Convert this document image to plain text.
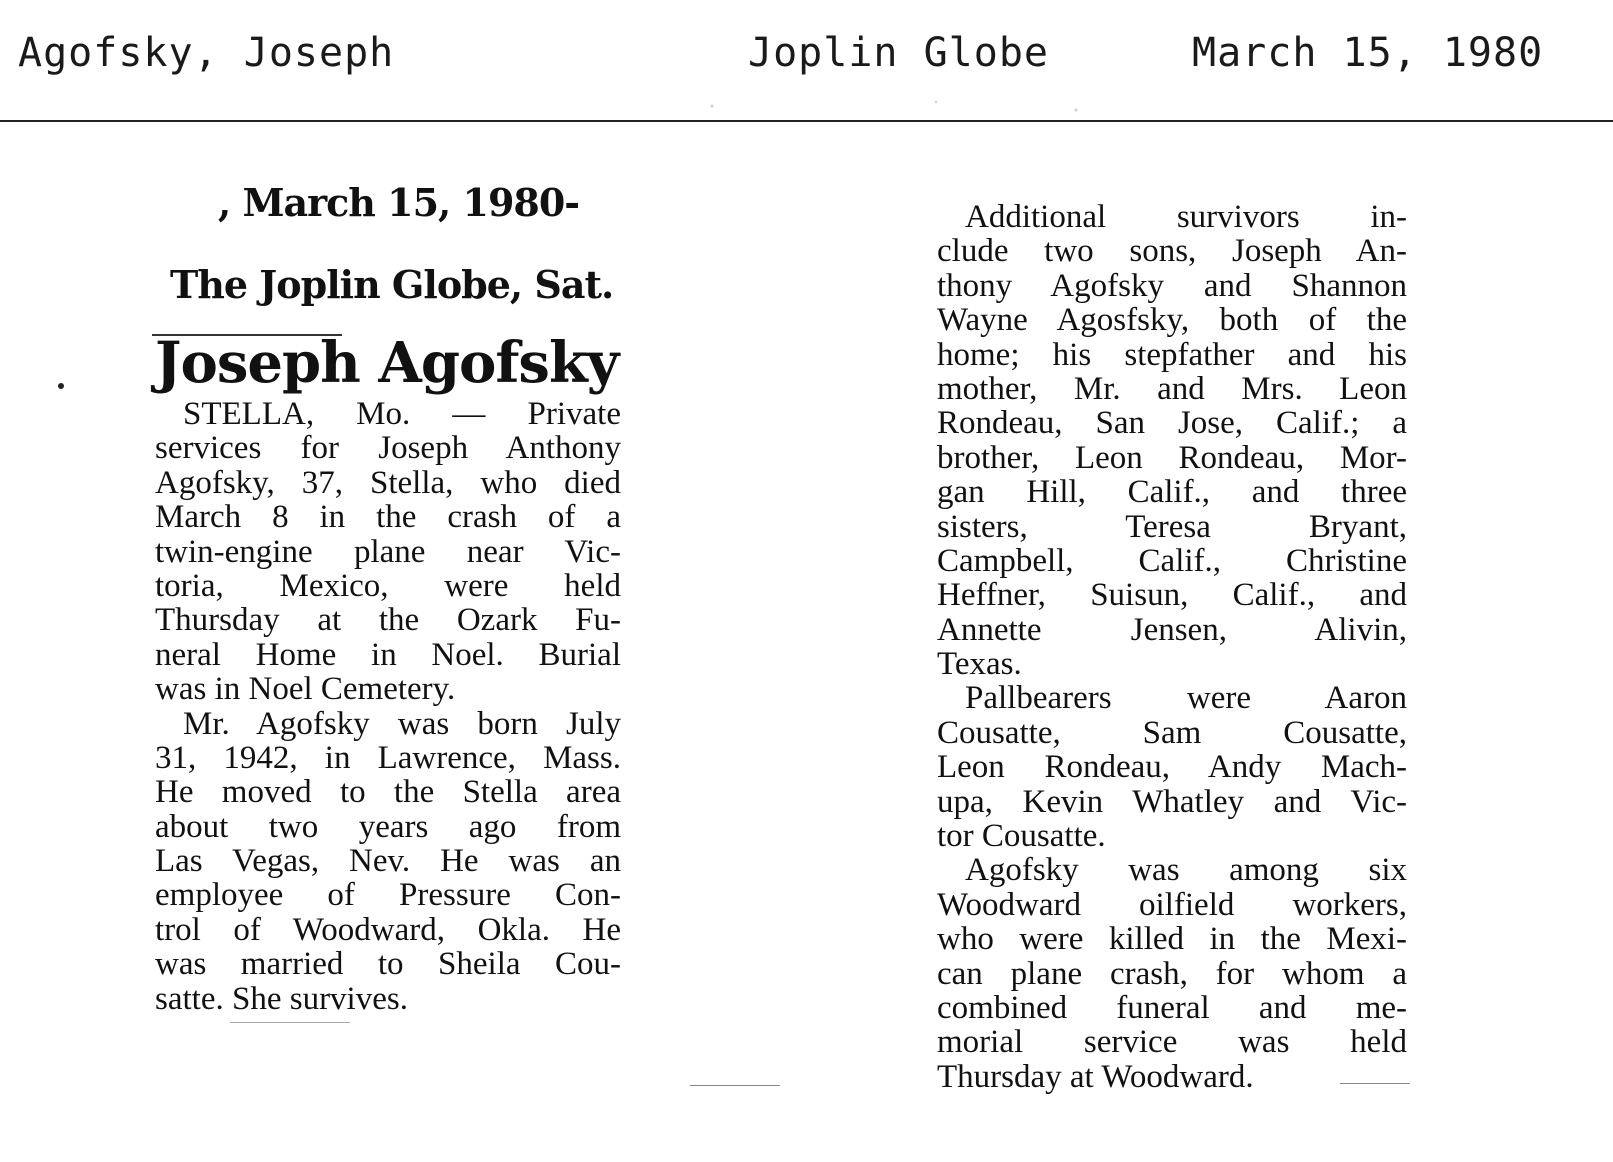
Agofsky, Joseph	Joplin Globe	March 15, 1980
, March 15, 1980-
The Joplin Globe, Sat.
Joseph Agofsky
STELLA, Mo. — Private
services for Joseph Anthony
Agofsky, 37, Stella, who died
March 8 in the crash of a
twin-engine plane near Vic-
toria, Mexico, were held
Thursday at the Ozark Fu-
neral Home in Noel. Burial
was in Noel Cemetery.
Mr. Agofsky was born July
31, 1942, in Lawrence, Mass.
He moved to the Stella area
about two years ago from
Las Vegas, Nev. He was an
employee of Pressure Con-
trol of Woodward, Okla. He
was married to Sheila Cou-
satte. She survives.
Additional survivors in-
clude two sons, Joseph An-
thony Agofsky and Shannon
Wayne Agosfsky, both of the
home; his stepfather and his
mother, Mr. and Mrs. Leon
Rondeau, San Jose, Calif.; a
brother, Leon Rondeau, Mor-
gan Hill, Calif., and three
sisters, Teresa Bryant,
Campbell, Calif., Christine
Heffner, Suisun, Calif., and
Annette Jensen, Alivin,
Texas.
Pallbearers were Aaron
Cousatte, Sam Cousatte,
Leon Rondeau, Andy Mach-
upa, Kevin Whatley and Vic-
tor Cousatte.
Agofsky was among six
Woodward oilfield workers,
who were killed in the Mexi-
can plane crash, for whom a
combined funeral and me-
morial service was held
Thursday at Woodward.
